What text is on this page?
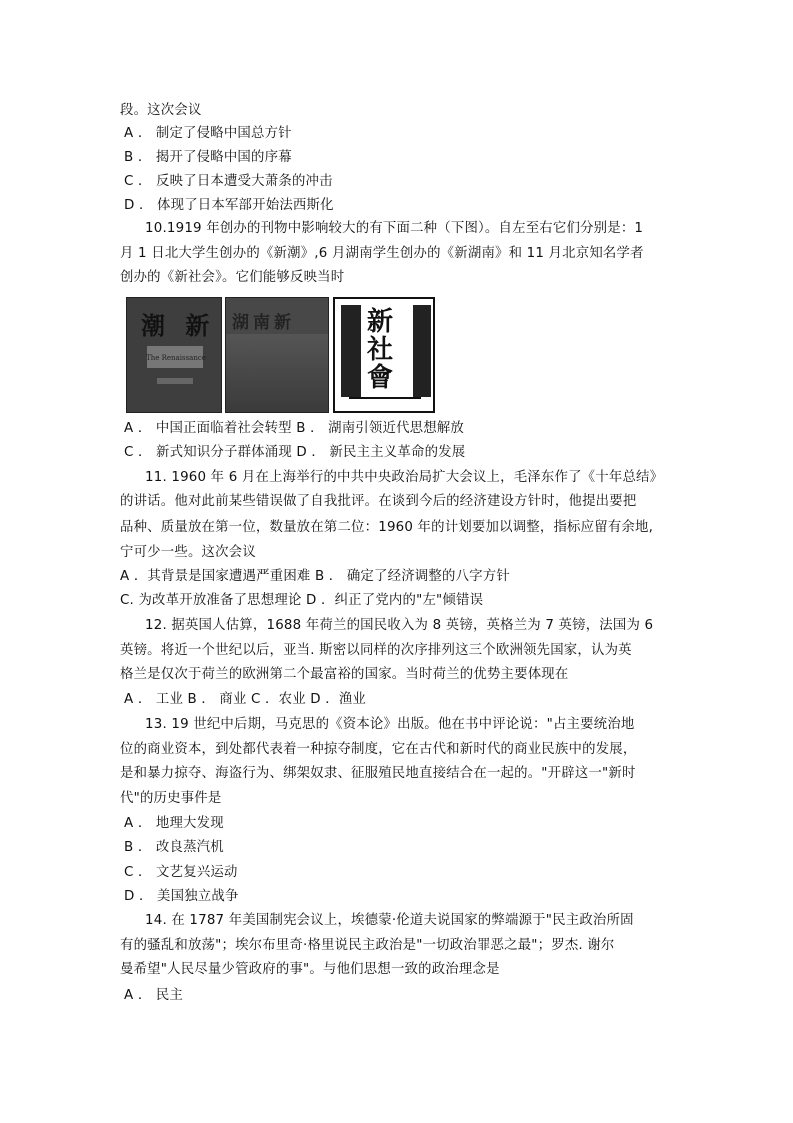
段。这次会议
A ． 制定了侵略中国总方针
B ． 揭开了侵略中国的序幕
C ． 反映了日本遭受大萧条的冲击
D ． 体现了日本军部开始法西斯化
10.1919 年创办的刊物中影响较大的有下面二种（下图）。自左至右它们分别是：1
月 1 日北大学生创办的《新潮》,6 月湖南学生创办的《新湖南》和 11 月北京知名学者
创办的《新社会》。它们能够反映当时
潮 新
The Renaissance
湖南新	新
社
會
A ． 中国正面临着社会转型 B ． 湖南引领近代思想解放
C ． 新式知识分子群体涌现 D ． 新民主主义革命的发展
11. 1960 年 6 月在上海举行的中共中央政治局扩大会议上，毛泽东作了《十年总结》
的讲话。他对此前某些错误做了自我批评。在谈到今后的经济建设方针时，他提出要把
品种、质量放在第一位，数量放在第二位：1960 年的计划要加以调整，指标应留有余地,
宁可少一些。这次会议
A ．其背景是国家遭遇严重困难 B ． 确定了经济调整的八字方针
C. 为改革开放准备了思想理论 D ．纠正了党内的"左"倾错误
12. 据英国人估算，1688 年荷兰的国民收入为 8 英镑，英格兰为 7 英镑，法国为 6
英镑。将近一个世纪以后，亚当. 斯密以同样的次序排列这三个欧洲领先国家，认为英
格兰是仅次于荷兰的欧洲第二个最富裕的国家。当时荷兰的优势主要体现在
A ． 工业 B ． 商业 C ．农业 D ．渔业
13. 19 世纪中后期，马克思的《资本论》出版。他在书中评论说："占主要统治地
位的商业资本，到处都代表着一种掠夺制度，它在古代和新时代的商业民族中的发展，
是和暴力掠夺、海盗行为、绑架奴隶、征服殖民地直接结合在一起的。"开辟这一"新时
代"的历史事件是
A ． 地理大发现
B ． 改良蒸汽机
C ． 文艺复兴运动
D ． 美国独立战争
14. 在 1787 年美国制宪会议上，埃德蒙·伦道夫说国家的弊端源于"民主政治所固
有的骚乱和放荡"；埃尔布里奇·格里说民主政治是"一切政治罪恶之最"；罗杰. 谢尔
曼希望"人民尽量少管政府的事"。与他们思想一致的政治理念是
A ． 民主
